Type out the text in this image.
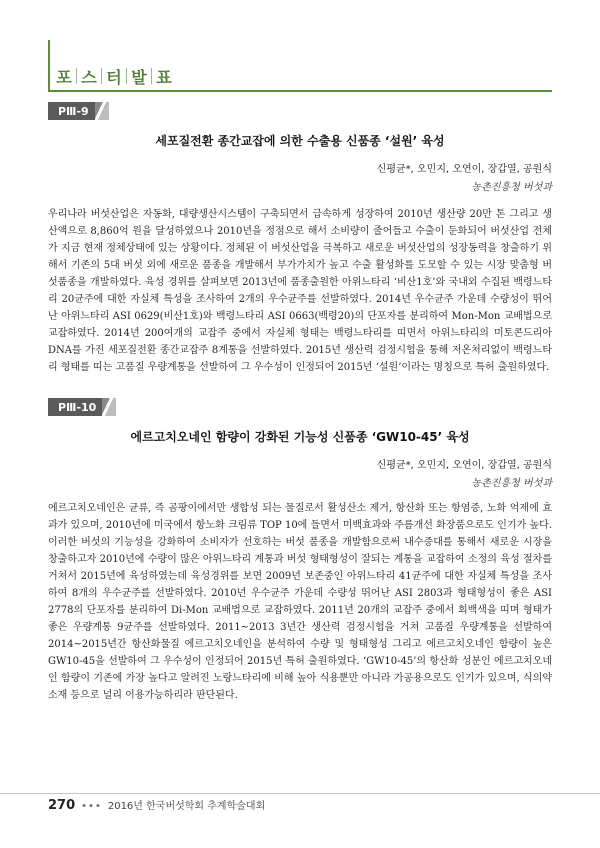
포 스 터 발 표
PⅢ-9
세포질전환 종간교잡에 의한 수출용 신품종 ‘설원’ 육성
신평균*, 오민지, 오연이, 장갑열, 공원식
농촌진흥청 버섯과

우리나라 버섯산업은 자동화, 대량생산시스템이 구축되면서 급속하게 성장하여 2010년 생산량 20만 톤 그리고 생산액으로 8,860억 원을 달성하였으나 2010년을 정점으로 해서 소비량이 줄어들고 수출이 둔화되어 버섯산업 전체가 지금 현재 정체상태에 있는 상황이다. 정체된 이 버섯산업을 극복하고 새로운 버섯산업의 성장동력을 창출하기 위해서 기존의 5대 버섯 외에 새로운 품종을 개발해서 부가가치가 높고 수출 활성화를 도모할 수 있는 시장 맞춤형 버섯품종을 개발하였다. 육성 경위를 살펴보면 2013년에 품종출원한 아위느타리 ‘비산1호’와 국내외 수집된 백령느타리 20균주에 대한 자실체 특성을 조사하여 2개의 우수균주를 선발하였다. 2014년 우수균주 가운데 수량성이 뛰어난 아위느타리 ASI 0629(비산1호)와 백령느타리 ASI 0663(백령20)의 단포자를 분리하여 Mon-Mon 교배법으로 교잡하였다. 2014년 200여개의 교잡주 중에서 자실체 형태는 백령느타리를 띠면서 아위느타리의 미토콘드리아 DNA를 가진 세포질전환 종간교잡주 8계통을 선발하였다. 2015년 생산력 검정시험을 통해 저온처리없이 백령느타리 형태를 띠는 고품질 우량계통을 선발하여 그 우수성이 인정되어 2015년 ‘설원’이라는 명칭으로 특허 출원하였다.

PⅢ-10
에르고치오네인 함량이 강화된 기능성 신품종 ‘GW10-45’ 육성
신평균*, 오민지, 오연이, 장갑열, 공원식
농촌진흥청 버섯과

에르고치오네인은 균류, 즉 곰팡이에서만 생합성 되는 물질로서 활성산소 제거, 항산화 또는 항염증, 노화 억제에 효과가 있으며, 2010년에 미국에서 항노화 크림류 TOP 10에 들면서 미백효과와 주름개선 화장품으로도 인기가 높다. 이러한 버섯의 기능성을 강화하여 소비자가 선호하는 버섯 품종을 개발함으로써 내수증대를 통해서 새로운 시장을 창출하고자 2010년에 수량이 많은 아위느타리 계통과 버섯 형태형성이 잘되는 계통을 교잡하여 소정의 육성 절차를 거쳐서 2015년에 육성하였는데 육성경위를 보면 2009년 보존중인 아위느타리 41균주에 대한 자실체 특성을 조사하여 8개의 우수균주를 선발하였다. 2010년 우수균주 가운데 수량성 뛰어난 ASI 2803과 형태형성이 좋은 ASI 2778의 단포자를 분리하여 Di-Mon 교배법으로 교잡하였다. 2011년 20개의 교잡주 중에서 회백색을 띠며 형태가 좋은 우량계통 9균주를 선발하였다. 2011~2013 3년간 생산력 검정시험을 거쳐 고품질 우량계통을 선발하여 2014~2015년간 항산화물질 에르고치오네인을 분석하여 수량 및 형태형성 그리고 에르고치오네인 함량이 높은 GW10-45을 선발하여 그 우수성이 인정되어 2015년 특허 출원하였다. ‘GW10-45’의 항산화 성분인 에르고치오네인 함량이 기존에 가장 높다고 알려진 노랑느타리에 비해 높아 식용뿐만 아니라 가공용으로도 인기가 있으며, 식의약 소재 등으로 널리 이용가능하리라 판단된다.

270 ••• 2016년 한국버섯학회 추계학술대회
